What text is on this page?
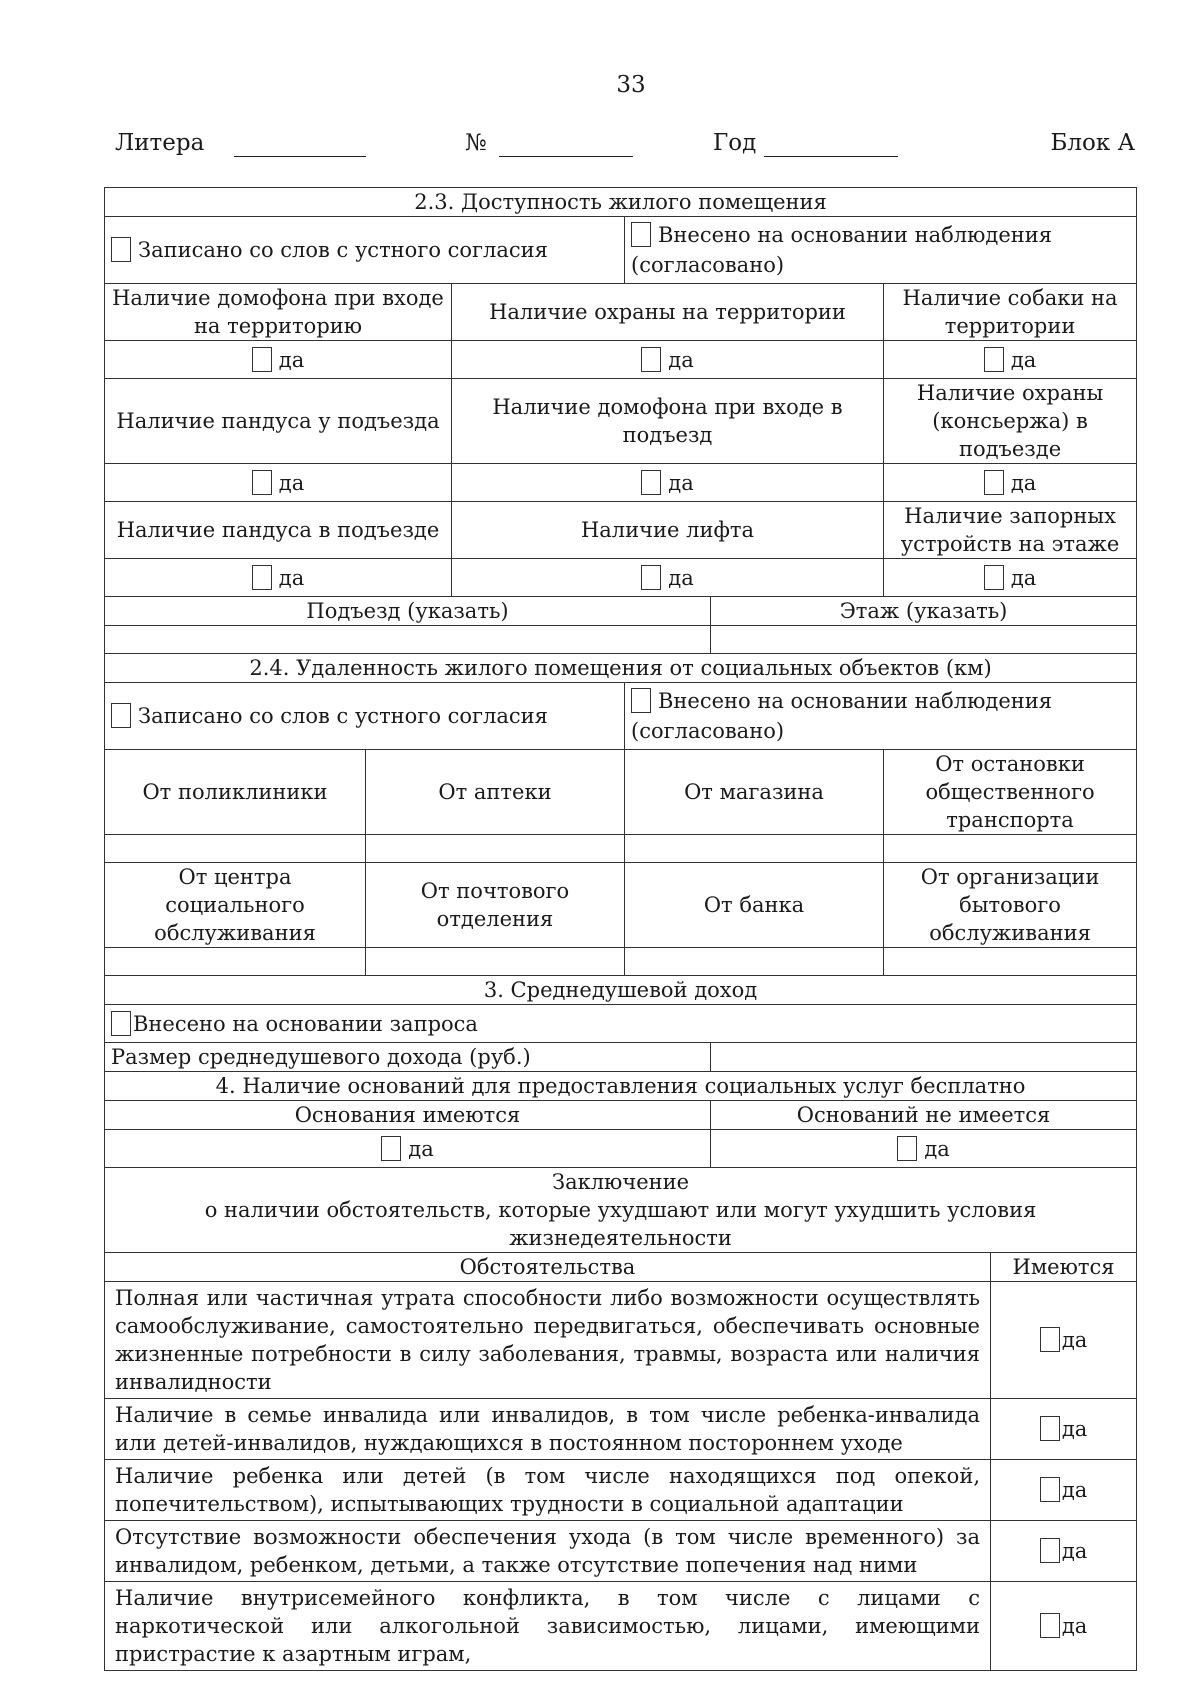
33
Литера	№	Год	Блок А
2.3. Доступность жилого помещения						
Записано со слов с устного согласия			Внесено на основании наблюдения
(согласовано)			
Наличие домофона при входе на территорию		Наличие охраны на территории			Наличие собаки на территории	
да		да			да	
Наличие пандуса у подъезда		Наличие домофона при входе в подъезд			Наличие охраны (консьержа) в подъезде	
да		да			да	
Наличие пандуса в подъезде		Наличие лифта			Наличие запорных устройств на этаже	
да		да			да	
Подъезд (указать)				Этаж (указать)		

2.4. Удаленность жилого помещения от социальных объектов (км)						
Записано со слов с устного согласия			Внесено на основании наблюдения
(согласовано)			
От поликлиники	От аптеки		От магазина		От остановки общественного транспорта	

От центра социального обслуживания	От почтового отделения		От банка		От организации бытового обслуживания	

3. Среднедушевой доход						
Внесено на основании запроса						
Размер среднедушевого дохода (руб.)						
4. Наличие оснований для предоставления социальных услуг бесплатно						
Основания имеются				Оснований не имеется		
да				да		
Заключение
о наличии обстоятельств, которые ухудшают или могут ухудшить условия жизнедеятельности						
Обстоятельства						Имеются
Полная или частичная утрата способности либо возможности осуществлять самообслуживание, самостоятельно передвигаться, обеспечивать основные жизненные потребности в силу заболевания, травмы, возраста или наличия инвалидности						да
Наличие в семье инвалида или инвалидов, в том числе ребенка-инвалида или детей-инвалидов, нуждающихся в постоянном постороннем уходе						да
Наличие ребенка или детей (в том числе находящихся под опекой, попечительством), испытывающих трудности в социальной адаптации						да
Отсутствие возможности обеспечения ухода (в том числе временного) за инвалидом, ребенком, детьми, а также отсутствие попечения над ними						да
Наличие внутрисемейного конфликта, в том числе с лицами с наркотической или алкогольной зависимостью, лицами, имеющими пристрастие к азартным играм,						да
